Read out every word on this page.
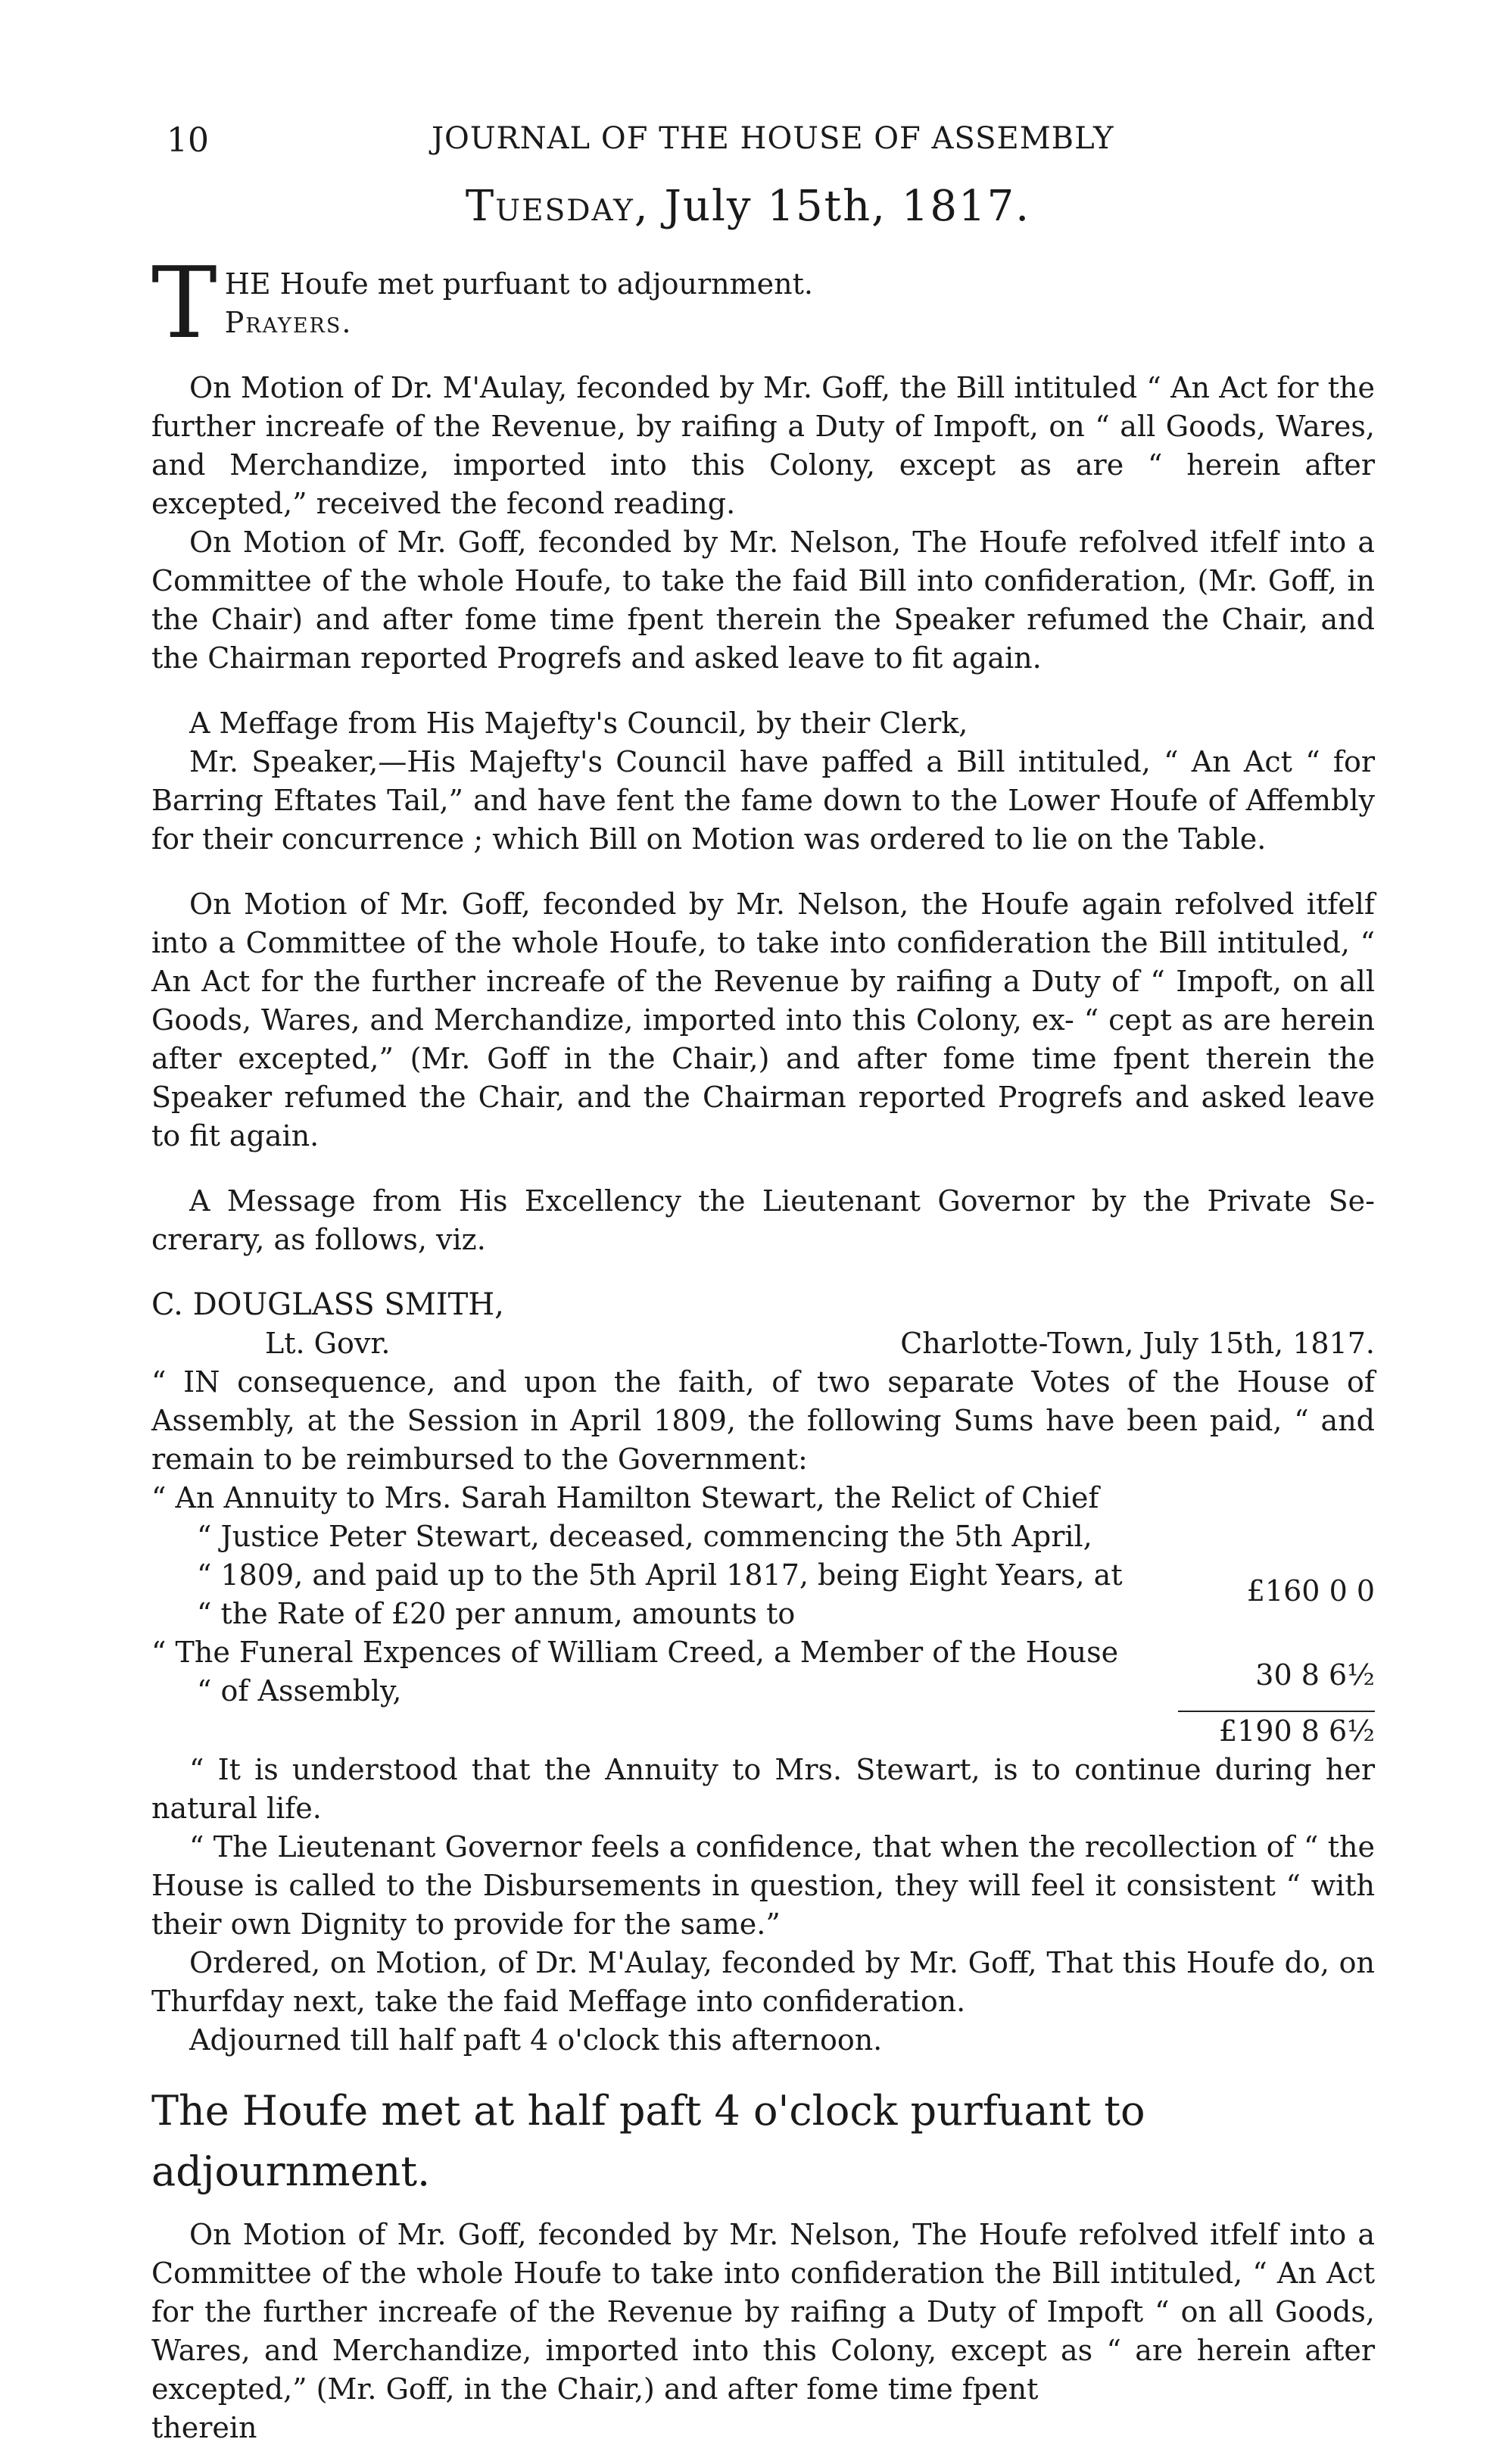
10	JOURNAL OF THE HOUSE OF ASSEMBLY
Tuesday, July 15th, 1817.
T HE Houfe met purfuant to adjournment.

Prayers.

On Motion of Dr. M'Aulay, feconded by Mr. Goff, the Bill intituled “ An Act for the further increafe of the Revenue, by raifing a Duty of Impoft, on “ all Goods, Wares, and Merchandize, imported into this Colony, except as are “ herein after excepted,” received the fecond reading.

On Motion of Mr. Goff, feconded by Mr. Nelson, The Houfe refolved itfelf into a Committee of the whole Houfe, to take the faid Bill into confideration, (Mr. Goff, in the Chair) and after fome time fpent therein the Speaker refumed the Chair, and the Chairman reported Progrefs and asked leave to fit again.

A Meffage from His Majefty's Council, by their Clerk,

Mr. Speaker,—His Majefty's Council have paffed a Bill intituled, “ An Act “ for Barring Eftates Tail,” and have fent the fame down to the Lower Houfe of Affembly for their concurrence ; which Bill on Motion was ordered to lie on the Table.

On Motion of Mr. Goff, feconded by Mr. Nelson, the Houfe again refolved itfelf into a Committee of the whole Houfe, to take into confideration the Bill intituled, “ An Act for the further increafe of the Revenue by raifing a Duty of “ Impoft, on all Goods, Wares, and Merchandize, imported into this Colony, ex- “ cept as are herein after excepted,” (Mr. Goff in the Chair,) and after fome time fpent therein the Speaker refumed the Chair, and the Chairman reported Progrefs and asked leave to fit again.

A Message from His Excellency the Lieutenant Governor by the Private Se- crerary, as follows, viz.

C. DOUGLASS SMITH,
Lt. Govr.	Charlotte-Town, July 15th, 1817.

“ IN consequence, and upon the faith, of two separate Votes of the House of Assembly, at the Session in April 1809, the following Sums have been paid, “ and remain to be reimbursed to the Government:

“ An Annuity to Mrs. Sarah Hamilton Stewart, the Relict of Chief
“ Justice Peter Stewart, deceased, commencing the 5th April,
“ 1809, and paid up to the 5th April 1817, being Eight Years, at
“ the Rate of £20 per annum, amounts to
“ The Funeral Expences of William Creed, a Member of the House
“ of Assembly,
£160 0 0
30 8 6½
£190 8 6½

“ It is understood that the Annuity to Mrs. Stewart, is to continue during her natural life.

“ The Lieutenant Governor feels a confidence, that when the recollection of “ the House is called to the Disbursements in question, they will feel it consistent “ with their own Dignity to provide for the same.”

Ordered, on Motion, of Dr. M'Aulay, feconded by Mr. Goff, That this Houfe do, on Thurfday next, take the faid Meffage into confideration.

Adjourned till half paft 4 o'clock this afternoon.

The Houfe met at half paft 4 o'clock purfuant to adjournment.

On Motion of Mr. Goff, feconded by Mr. Nelson, The Houfe refolved itfelf into a Committee of the whole Houfe to take into confideration the Bill intituled, “ An Act for the further increafe of the Revenue by raifing a Duty of Impoft “ on all Goods, Wares, and Merchandize, imported into this Colony, except as “ are herein after excepted,” (Mr. Goff, in the Chair,) and after fome time fpent

therein
